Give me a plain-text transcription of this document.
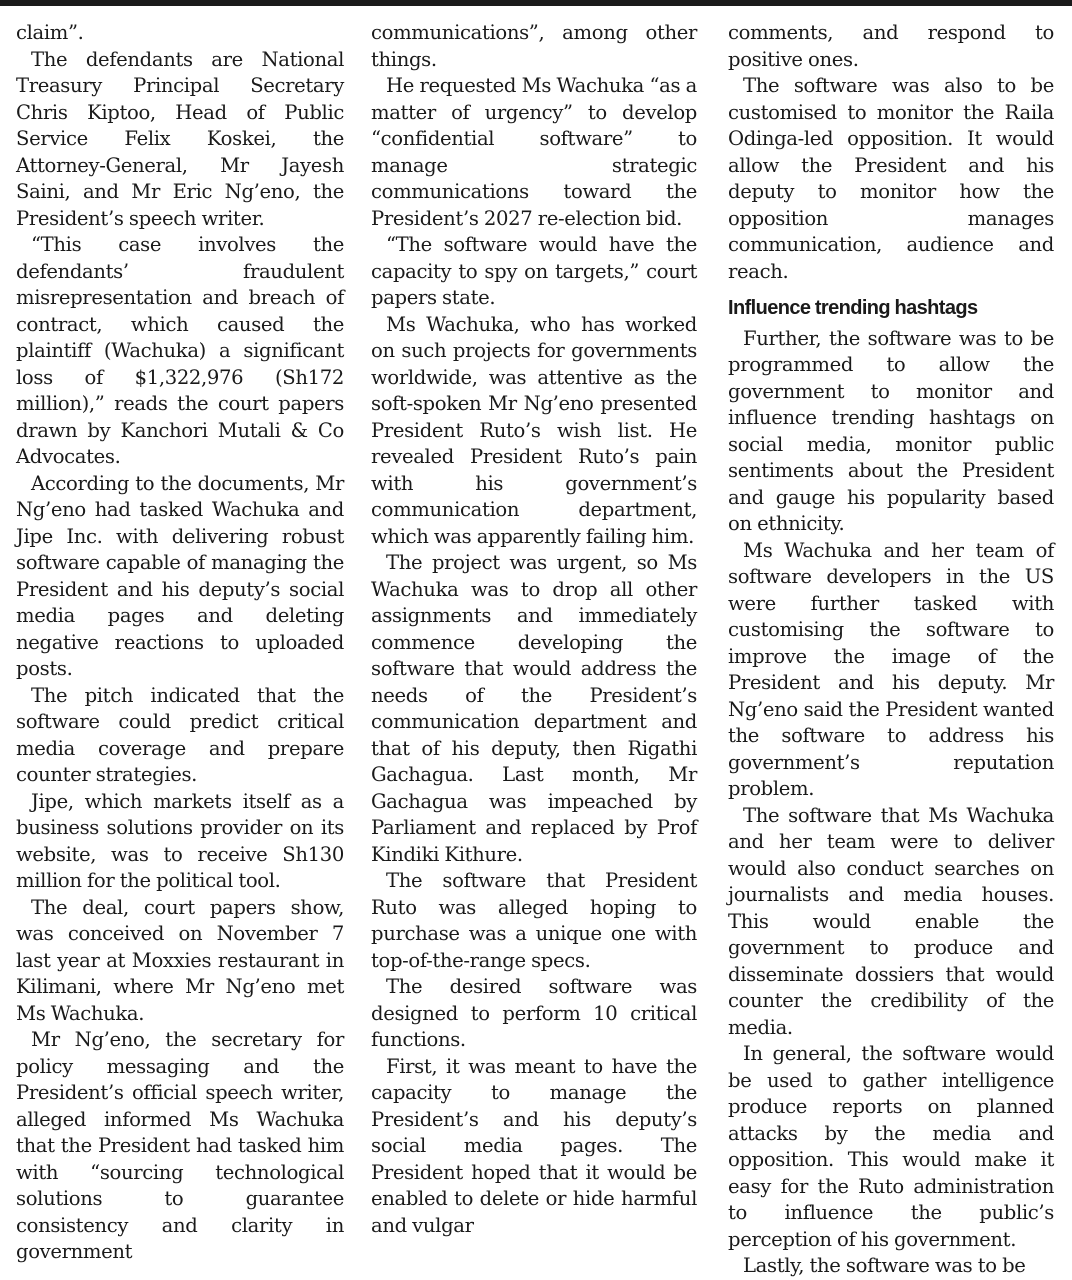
claim”.

The defendants are National Treasury Principal Secretary Chris Kiptoo, Head of Public Service Felix Koskei, the Attorney-General, Mr Jayesh Saini, and Mr Eric Ng’eno, the President’s speech writer.

“This case involves the defendants’ fraudulent misrepresentation and breach of contract, which caused the plaintiff (Wachuka) a significant loss of $1,322,976 (Sh172 million),” reads the court papers drawn by Kanchori Mutali & Co Advocates.

According to the documents, Mr Ng’eno had tasked Wachuka and Jipe Inc. with delivering robust software capable of managing the President and his deputy’s social media pages and deleting negative reactions to uploaded posts.

The pitch indicated that the software could predict critical media coverage and prepare counter strategies.

Jipe, which markets itself as a business solutions provider on its website, was to receive Sh130 million for the political tool.

The deal, court papers show, was conceived on November 7 last year at Moxxies restaurant in Kilimani, where Mr Ng’eno met Ms Wachuka.

Mr Ng’eno, the secretary for policy messaging and the President’s official speech writer, alleged informed Ms Wachuka that the President had tasked him with “sourcing technological solutions to guarantee consistency and clarity in government

communications”, among other things.

He requested Ms Wachuka “as a matter of urgency” to develop “confidential software” to manage strategic communications toward the President’s 2027 re-election bid.

“The software would have the capacity to spy on targets,” court papers state.

Ms Wachuka, who has worked on such projects for governments worldwide, was attentive as the soft-spoken Mr Ng’eno presented President Ruto’s wish list. He revealed President Ruto’s pain with his government’s communication department, which was apparently failing him.

The project was urgent, so Ms Wachuka was to drop all other assignments and immediately commence developing the software that would address the needs of the President’s communication department and that of his deputy, then Rigathi Gachagua. Last month, Mr Gachagua was impeached by Parliament and replaced by Prof Kindiki Kithure.

The software that President Ruto was alleged hoping to purchase was a unique one with top-of-the-range specs.

The desired software was designed to perform 10 critical functions.

First, it was meant to have the capacity to manage the President’s and his deputy’s social media pages. The President hoped that it would be enabled to delete or hide harmful and vulgar

comments, and respond to positive ones.

The software was also to be customised to monitor the Raila Odinga-led opposition. It would allow the President and his deputy to monitor how the opposition manages communication, audience and reach.

Influence trending hashtags

Further, the software was to be programmed to allow the government to monitor and influence trending hashtags on social media, monitor public sentiments about the President and gauge his popularity based on ethnicity.

Ms Wachuka and her team of software developers in the US were further tasked with customising the software to improve the image of the President and his deputy. Mr Ng’eno said the President wanted the software to address his government’s reputation problem.

The software that Ms Wachuka and her team were to deliver would also conduct searches on journalists and media houses. This would enable the government to produce and disseminate dossiers that would counter the credibility of the media.

In general, the software would be used to gather intelligence produce reports on planned attacks by the media and opposition. This would make it easy for the Ruto administration to influence the public’s perception of his government.

Lastly, the software was to be
